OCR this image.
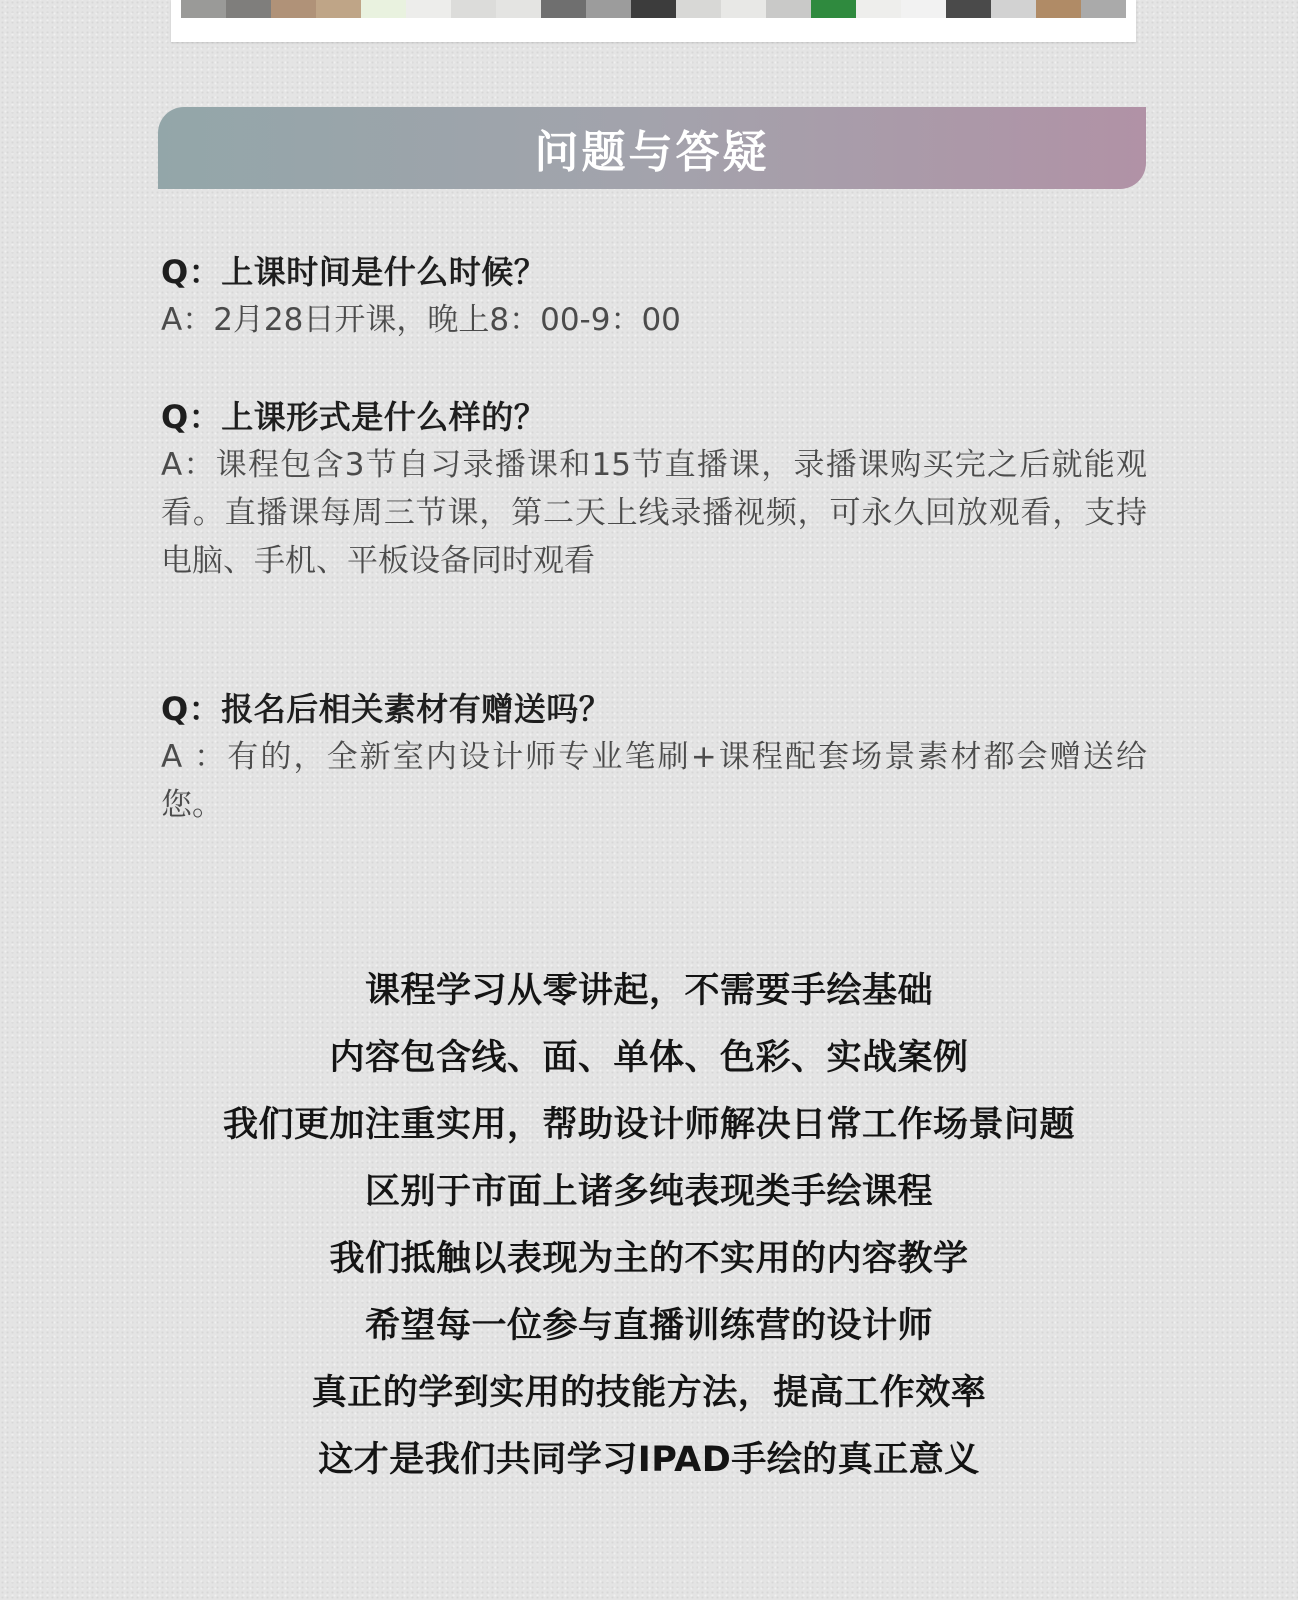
问题与答疑
Q：上课时间是什么时候？
A：2月28日开课，晚上8：00-9：00
Q：上课形式是什么样的？
A：课程包含3节自习录播课和15节直播课，录播课购买完之后就能观看。直播课每周三节课，第二天上线录播视频，可永久回放观看，支持电脑、手机、平板设备同时观看
Q：报名后相关素材有赠送吗？
A ：有的，全新室内设计师专业笔刷+课程配套场景素材都会赠送给您。
课程学习从零讲起，不需要手绘基础
内容包含线、面、单体、色彩、实战案例
我们更加注重实用，帮助设计师解决日常工作场景问题
区别于市面上诸多纯表现类手绘课程
我们抵触以表现为主的不实用的内容教学
希望每一位参与直播训练营的设计师
真正的学到实用的技能方法，提高工作效率
这才是我们共同学习IPAD手绘的真正意义
